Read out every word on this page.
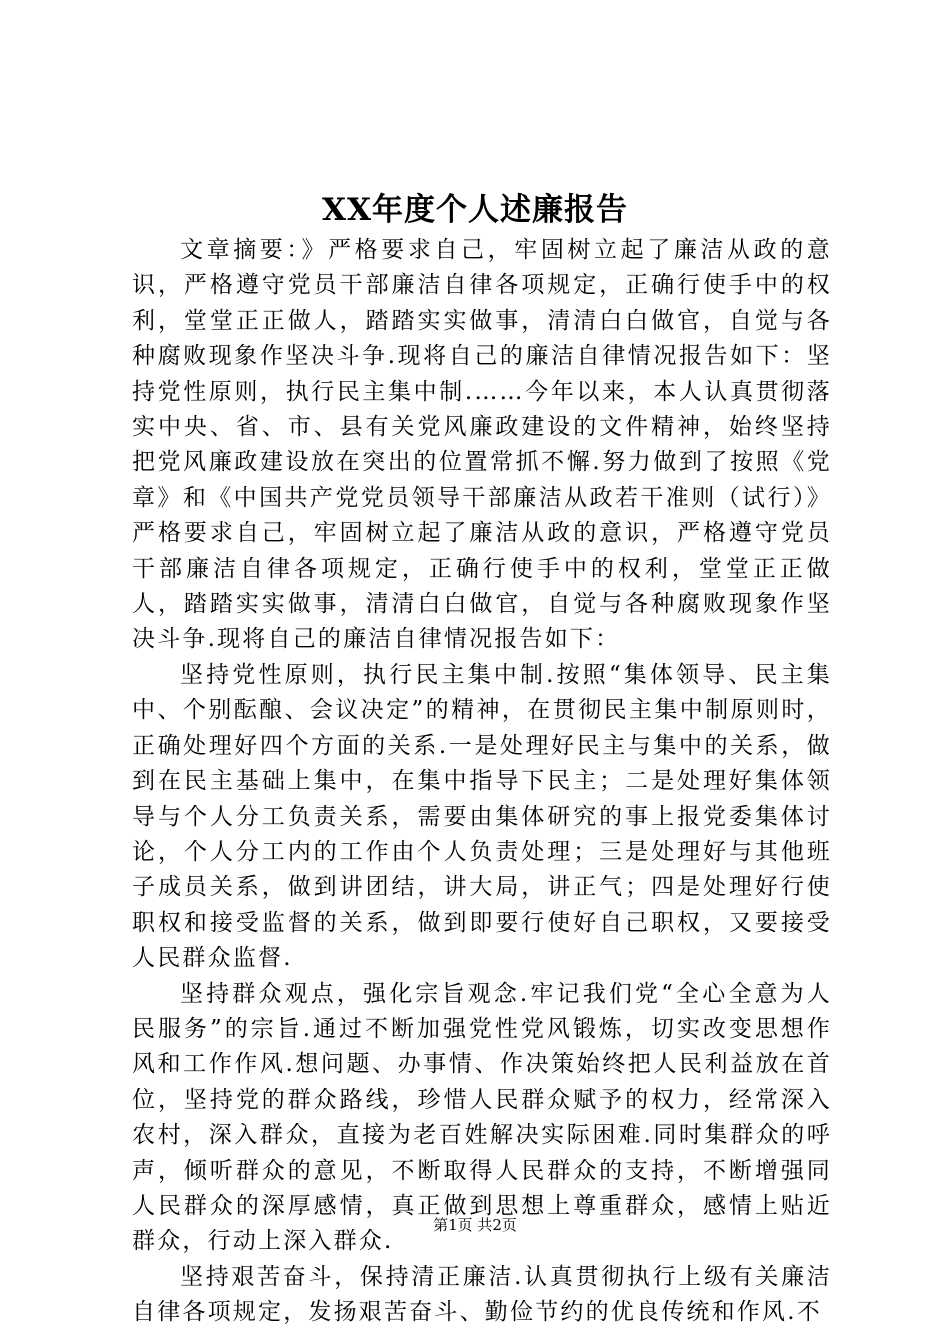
XX年度个人述廉报告

文章摘要：》严格要求自己，牢固树立起了廉洁从政的意识，严格遵守党员干部廉洁自律各项规定，正确行使手中的权利，堂堂正正做人，踏踏实实做事，清清白白做官，自觉与各种腐败现象作坚决斗争.现将自己的廉洁自律情况报告如下：坚持党性原则，执行民主集中制.……今年以来，本人认真贯彻落实中央、省、市、县有关党风廉政建设的文件精神，始终坚持把党风廉政建设放在突出的位置常抓不懈.努力做到了按照《党章》和《中国共产党党员领导干部廉洁从政若干准则（试行）》严格要求自己，牢固树立起了廉洁从政的意识，严格遵守党员干部廉洁自律各项规定，正确行使手中的权利，堂堂正正做人，踏踏实实做事，清清白白做官，自觉与各种腐败现象作坚决斗争.现将自己的廉洁自律情况报告如下：

坚持党性原则，执行民主集中制.按照“集体领导、民主集中、个别酝酿、会议决定”的精神，在贯彻民主集中制原则时，正确处理好四个方面的关系.一是处理好民主与集中的关系，做到在民主基础上集中，在集中指导下民主；二是处理好集体领导与个人分工负责关系，需要由集体研究的事上报党委集体讨论，个人分工内的工作由个人负责处理；三是处理好与其他班子成员关系，做到讲团结，讲大局，讲正气；四是处理好行使职权和接受监督的关系，做到即要行使好自己职权，又要接受人民群众监督.

坚持群众观点，强化宗旨观念.牢记我们党“全心全意为人民服务”的宗旨.通过不断加强党性党风锻炼，切实改变思想作风和工作作风.想问题、办事情、作决策始终把人民利益放在首位，坚持党的群众路线，珍惜人民群众赋予的权力，经常深入农村，深入群众，直接为老百姓解决实际困难.同时集群众的呼声，倾听群众的意见，不断取得人民群众的支持，不断增强同人民群众的深厚感情，真正做到思想上尊重群众，感情上贴近群众，行动上深入群众.

坚持艰苦奋斗，保持清正廉洁.认真贯彻执行上级有关廉洁自律各项规定，发扬艰苦奋斗、勤俭节约的优良传统和作风.不

第1页 共2页
